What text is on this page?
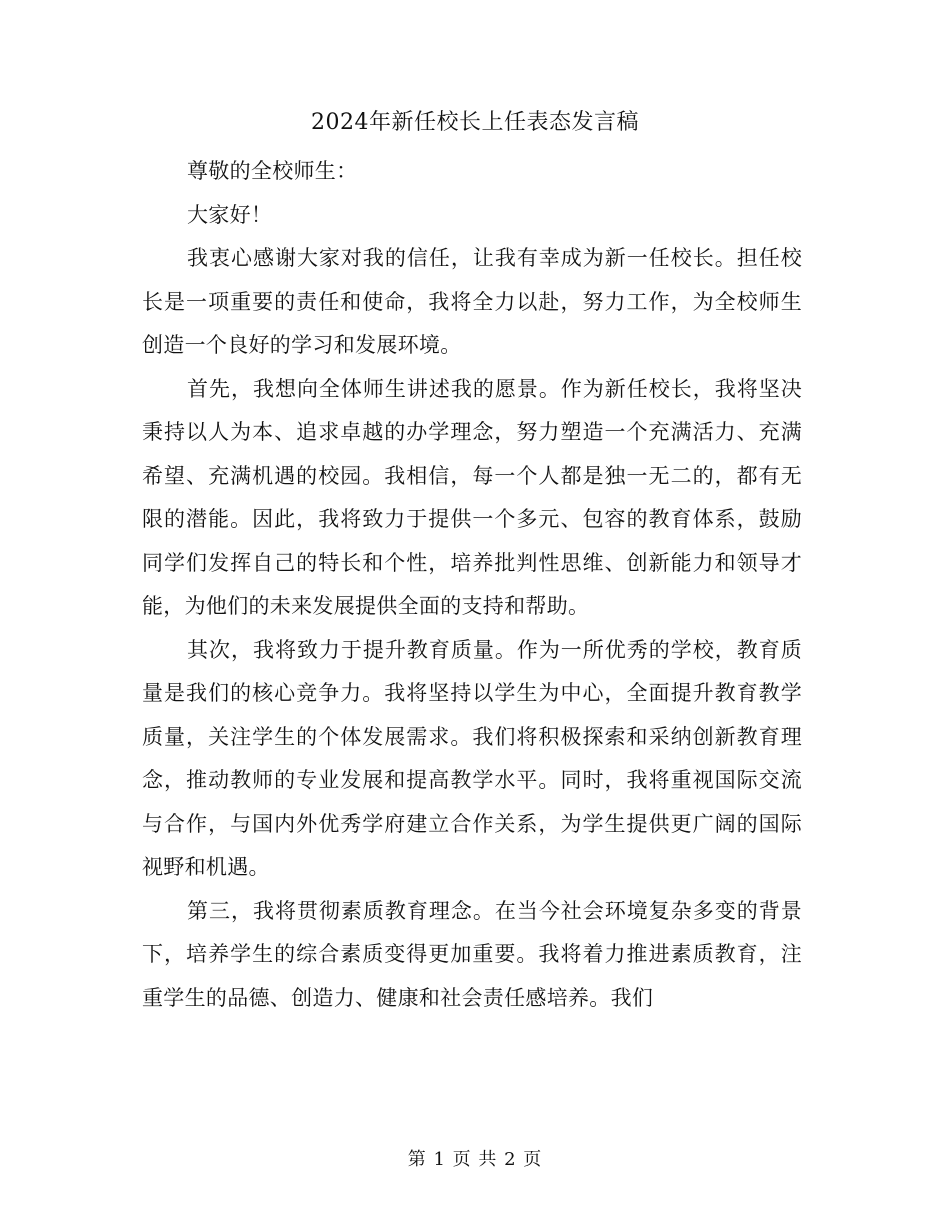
2024年新任校长上任表态发言稿

尊敬的全校师生：

大家好！

我衷心感谢大家对我的信任，让我有幸成为新一任校长。担任校长是一项重要的责任和使命，我将全力以赴，努力工作，为全校师生创造一个良好的学习和发展环境。

首先，我想向全体师生讲述我的愿景。作为新任校长，我将坚决秉持以人为本、追求卓越的办学理念，努力塑造一个充满活力、充满希望、充满机遇的校园。我相信，每一个人都是独一无二的，都有无限的潜能。因此，我将致力于提供一个多元、包容的教育体系，鼓励同学们发挥自己的特长和个性，培养批判性思维、创新能力和领导才能，为他们的未来发展提供全面的支持和帮助。

其次，我将致力于提升教育质量。作为一所优秀的学校，教育质量是我们的核心竞争力。我将坚持以学生为中心，全面提升教育教学质量，关注学生的个体发展需求。我们将积极探索和采纳创新教育理念，推动教师的专业发展和提高教学水平。同时，我将重视国际交流与合作，与国内外优秀学府建立合作关系，为学生提供更广阔的国际视野和机遇。

第三，我将贯彻素质教育理念。在当今社会环境复杂多变的背景下，培养学生的综合素质变得更加重要。我将着力推进素质教育，注重学生的品德、创造力、健康和社会责任感培养。我们

第 1 页 共 2 页
